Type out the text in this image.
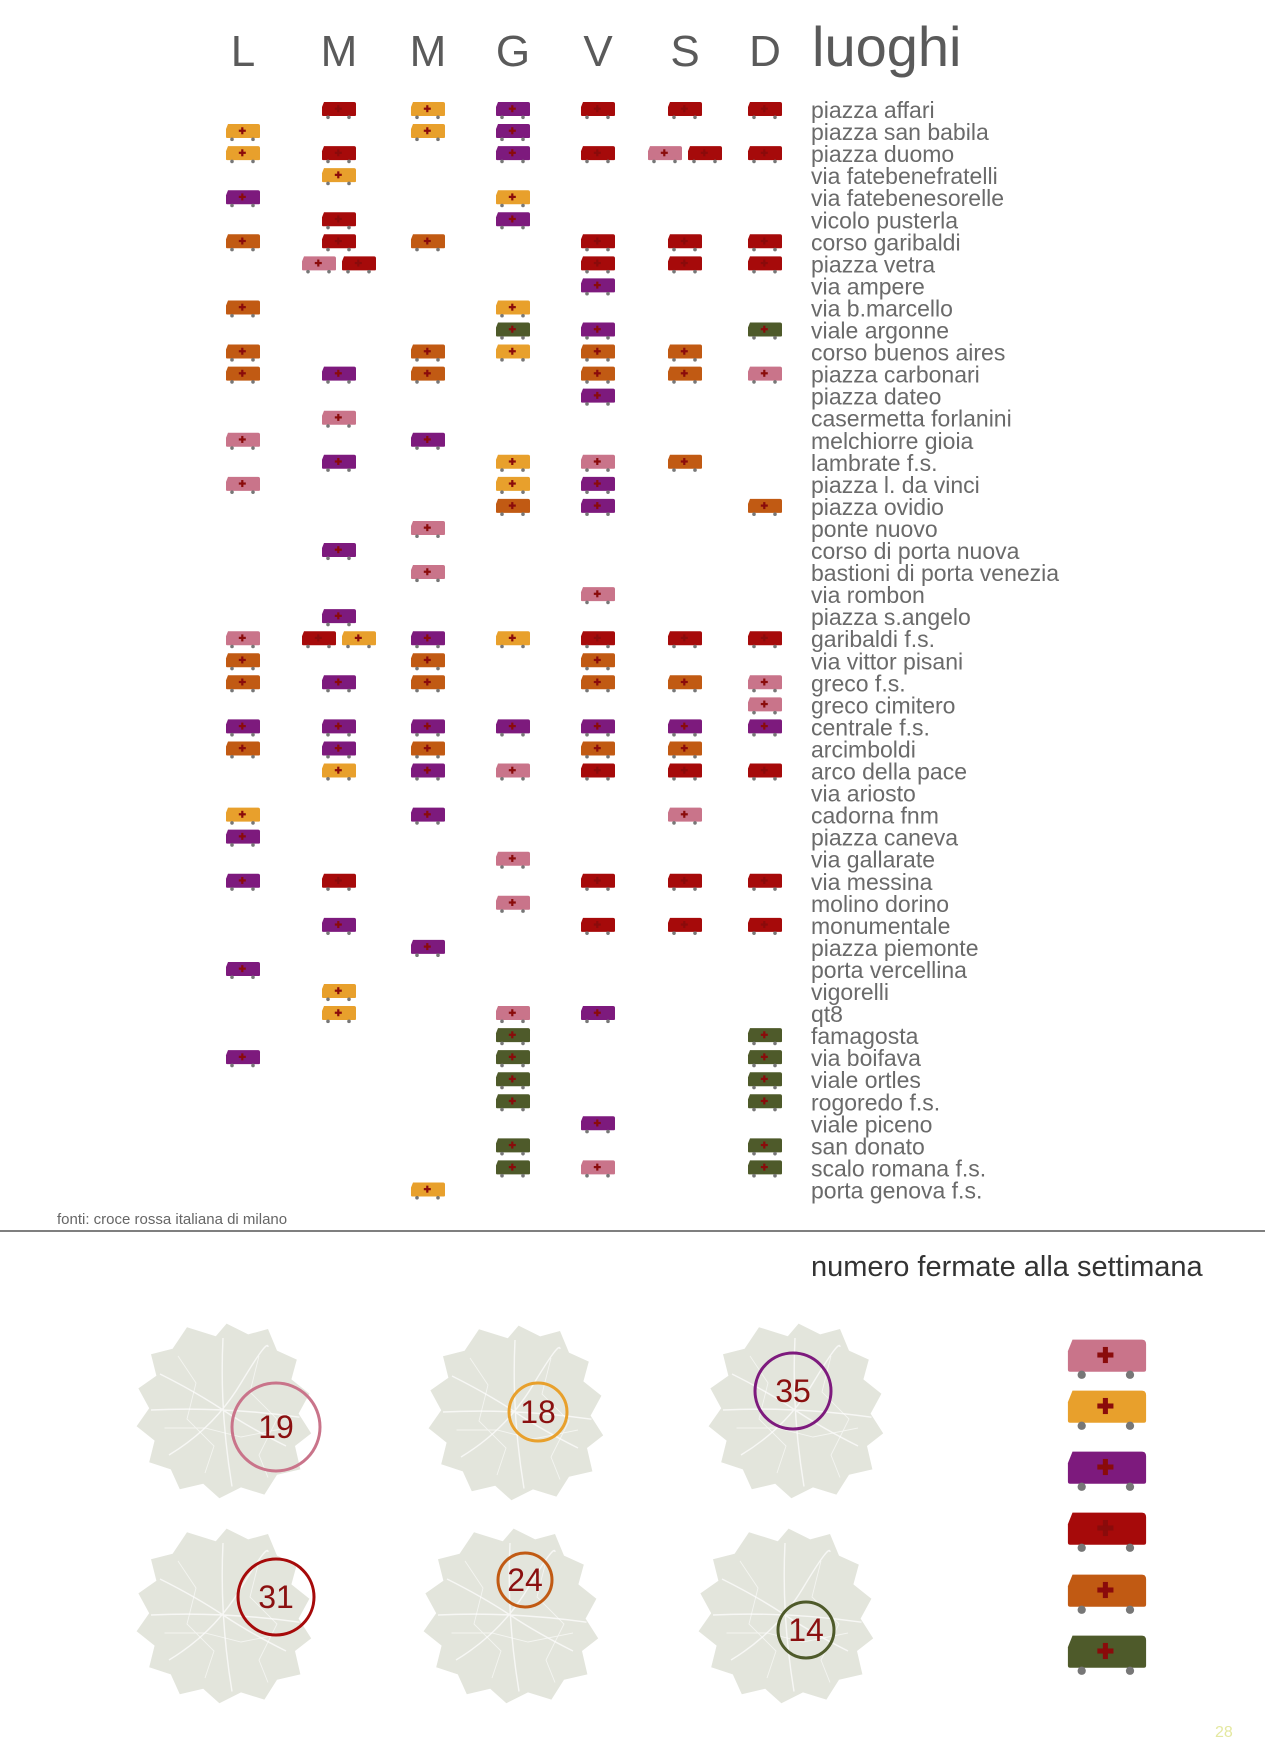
L M M G V S D luoghi
piazza affari
piazza san babila
piazza duomo
via fatebenefratelli
via fatebenesorelle
vicolo pusterla
corso garibaldi
piazza vetra
via ampere
via b.marcello
viale argonne
corso buenos aires
piazza carbonari
piazza dateo
casermetta forlanini
melchiorre gioia
lambrate f.s.
piazza l. da vinci
piazza ovidio
ponte nuovo
corso di porta nuova
bastioni di porta venezia
via rombon
piazza s.angelo
garibaldi f.s.
via vittor pisani
greco f.s.
greco cimitero
centrale f.s.
arcimboldi
arco della pace
via ariosto
cadorna fnm
piazza caneva
via gallarate
via messina
molino dorino
monumentale
piazza piemonte
porta vercellina
vigorelli
qt8
famagosta
via boifava
viale ortles
rogoredo f.s.
viale piceno
san donato
scalo romana f.s.
porta genova f.s.
fonti: croce rossa italiana di milano
numero fermate alla settimana
19	18
35
31	24
14
28
